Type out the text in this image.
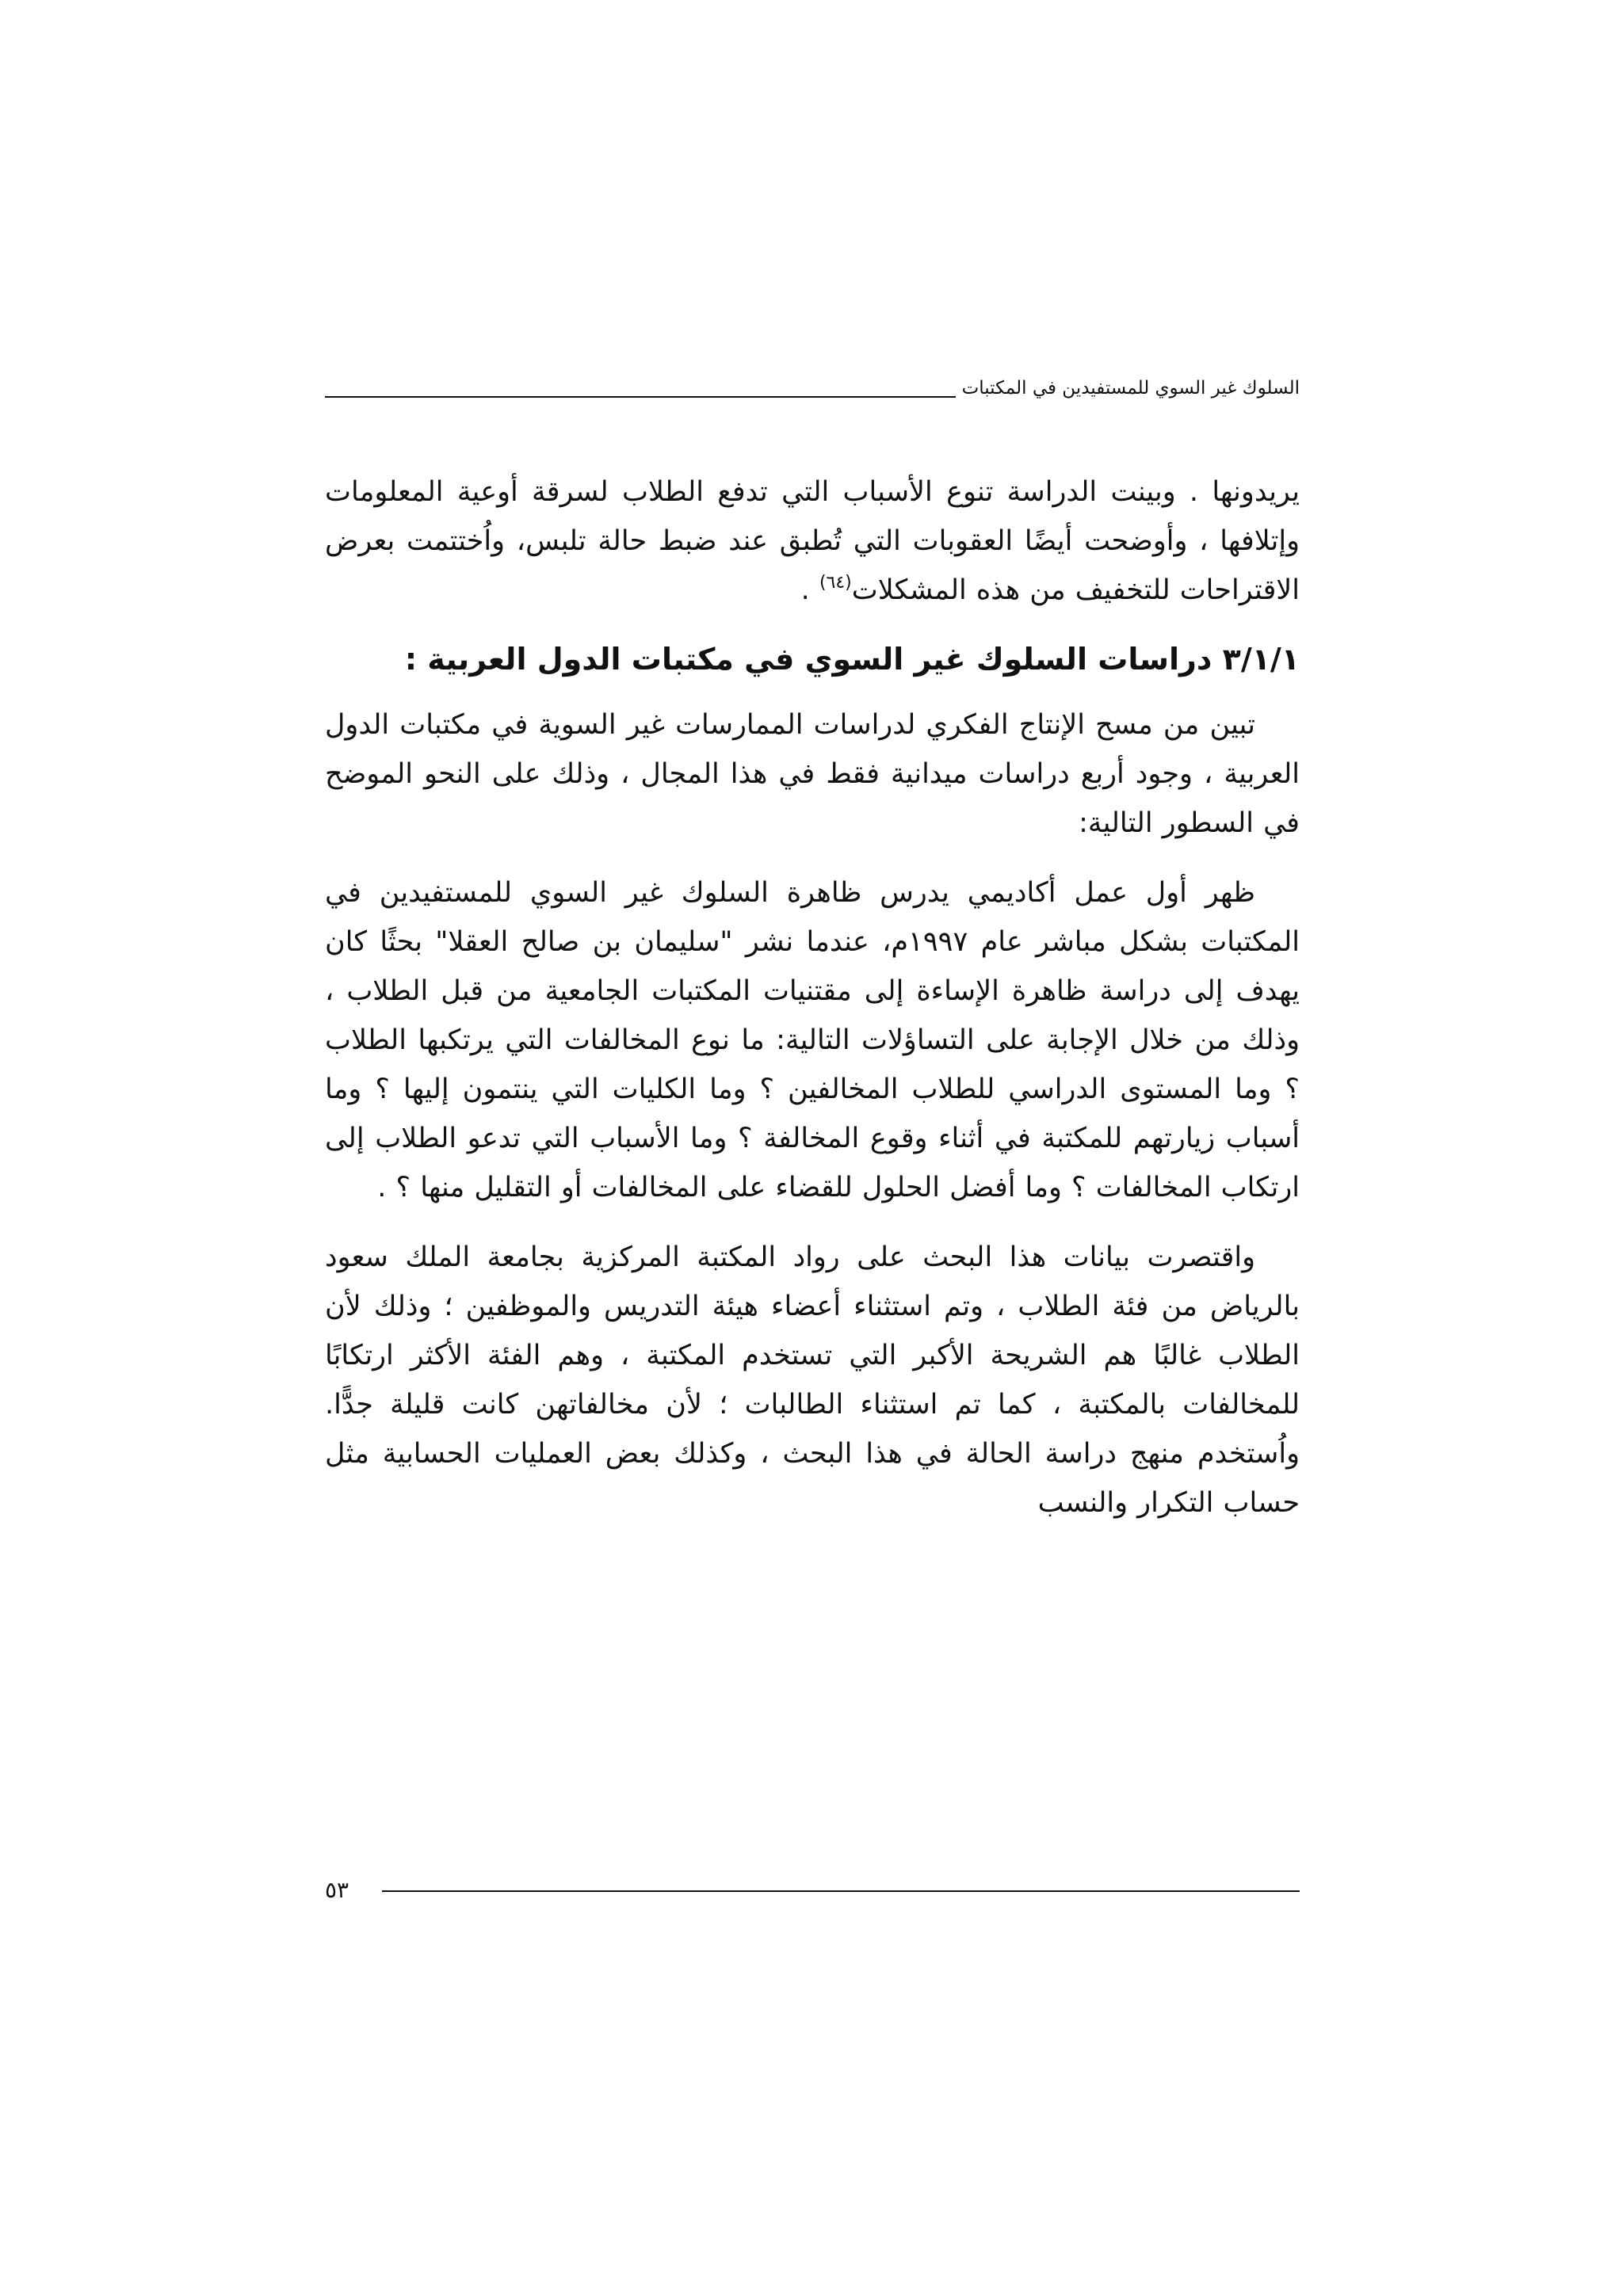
السلوك غير السوي للمستفيدين في المكتبات

يريدونها . وبينت الدراسة تنوع الأسباب التي تدفع الطلاب لسرقة أوعية المعلومات وإتلافها ، وأوضحت أيضًا العقوبات التي تُطبق عند ضبط حالة تلبس، واُختتمت بعرض الاقتراحات للتخفيف من هذه المشكلات$^{(٦٤)}$ .

٣/١/١ دراسات السلوك غير السوي في مكتبات الدول العربية :

تبين من مسح الإنتاج الفكري لدراسات الممارسات غير السوية في مكتبات الدول العربية ، وجود أربع دراسات ميدانية فقط في هذا المجال ، وذلك على النحو الموضح في السطور التالية:

ظهر أول عمل أكاديمي يدرس ظاهرة السلوك غير السوي للمستفيدين في المكتبات بشكل مباشر عام ١٩٩٧م، عندما نشر "سليمان بن صالح العقلا" بحثًا كان يهدف إلى دراسة ظاهرة الإساءة إلى مقتنيات المكتبات الجامعية من قبل الطلاب ، وذلك من خلال الإجابة على التساؤلات التالية: ما نوع المخالفات التي يرتكبها الطلاب ؟ وما المستوى الدراسي للطلاب المخالفين ؟ وما الكليات التي ينتمون إليها ؟ وما أسباب زيارتهم للمكتبة في أثناء وقوع المخالفة ؟ وما الأسباب التي تدعو الطلاب إلى ارتكاب المخالفات ؟ وما أفضل الحلول للقضاء على المخالفات أو التقليل منها ؟ .

واقتصرت بيانات هذا البحث على رواد المكتبة المركزية بجامعة الملك سعود بالرياض من فئة الطلاب ، وتم استثناء أعضاء هيئة التدريس والموظفين ؛ وذلك لأن الطلاب غالبًا هم الشريحة الأكبر التي تستخدم المكتبة ، وهم الفئة الأكثر ارتكابًا للمخالفات بالمكتبة ، كما تم استثناء الطالبات ؛ لأن مخالفاتهن كانت قليلة جدًّا. واُستخدم منهج دراسة الحالة في هذا البحث ، وكذلك بعض العمليات الحسابية مثل حساب التكرار والنسب

٥٣
